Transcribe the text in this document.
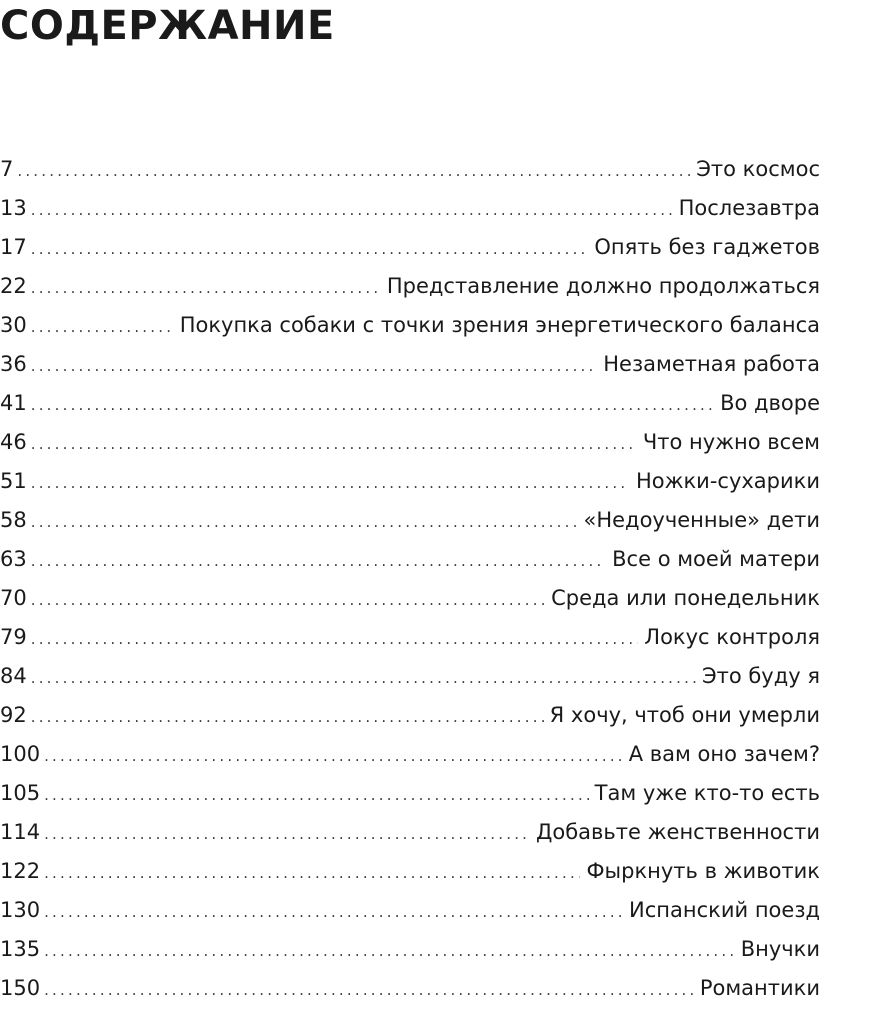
СОДЕРЖАНИЕ
7 .....	Это космос
13 .....	Послезавтра
17 .....	Опять без гаджетов
22 .....	Представление должно продолжаться
30 .....	Покупка собаки с точки зрения энергетического баланса
36 .....	Незаметная работа
41 .....	Во дворе
46 .....	Что нужно всем
51 .....	Ножки-сухарики
58 .....	«Недоученные» дети
63 .....	Все о моей матери
70 .....	Среда или понедельник
79 .....	Локус контроля
84 .....	Это буду я
92 .....	Я хочу, чтоб они умерли
100 .....	А вам оно зачем?
105 .....	Там уже кто-то есть
114 .....	Добавьте женственности
122 .....	Фыркнуть в животик
130 .....	Испанский поезд
135 .....	Внучки
150 .....	Романтики
